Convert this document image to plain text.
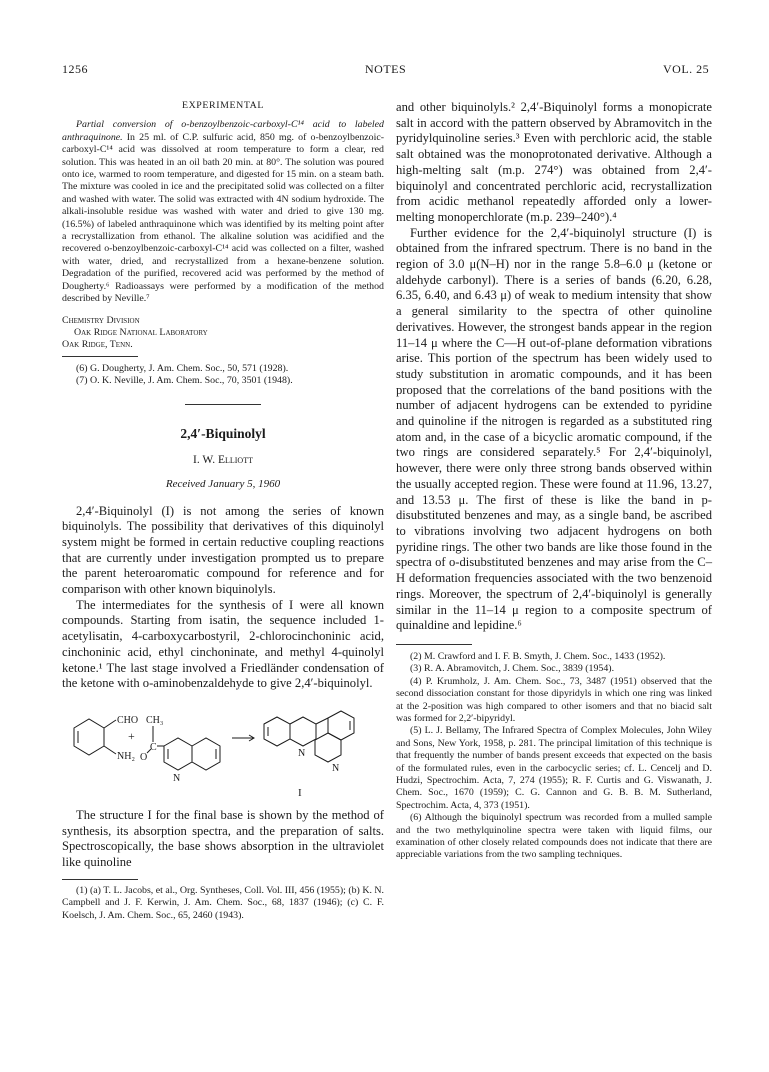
1256	NOTES	VOL. 25
EXPERIMENTAL

Partial conversion of o-benzoylbenzoic-carboxyl-C¹⁴ acid to labeled anthraquinone. In 25 ml. of C.P. sulfuric acid, 850 mg. of o-benzoylbenzoic-carboxyl-C¹⁴ acid was dissolved at room temperature to form a clear, red solution. This was heated in an oil bath 20 min. at 80°. The solution was poured onto ice, warmed to room temperature, and digested for 15 min. on a steam bath. The mixture was cooled in ice and the precipitated solid was collected on a filter and washed with water. The solid was extracted with 4N sodium hydroxide. The alkali-insoluble residue was washed with water and dried to give 130 mg. (16.5%) of labeled anthraquinone which was identified by its melting point after a recrystallization from ethanol. The alkaline solution was acidified and the recovered o-benzoylbenzoic-carboxyl-C¹⁴ acid was collected on a filter, washed with water, dried, and recrystallized from a hexane-benzene solution. Degradation of the purified, recovered acid was performed by the method of Dougherty.⁶ Radioassays were performed by a modification of the method described by Neville.⁷

Chemistry Division
Oak Ridge National Laboratory
Oak Ridge, Tenn.

(6) G. Dougherty, J. Am. Chem. Soc., 50, 571 (1928).

(7) O. K. Neville, J. Am. Chem. Soc., 70, 3501 (1948).

2,4′-Biquinolyl
I. W. Elliott
Received January 5, 1960

2,4′-Biquinolyl (I) is not among the series of known biquinolyls. The possibility that derivatives of this diquinolyl system might be formed in certain reductive coupling reactions that are currently under investigation prompted us to prepare the parent heteroaromatic compound for reference and for comparison with other known biquinolyls.

The intermediates for the synthesis of I were all known compounds. Starting from isatin, the sequence included 1-acetylisatin, 4-carboxycarbostyril, 2-chlorocinchoninic acid, cinchoninic acid, ethyl cinchoninate, and methyl 4-quinolyl ketone.¹ The last stage involved a Friedländer condensation of the ketone with o-aminobenzaldehyde to give 2,4′-biquinolyl.

CHO
NH₂
+
CH₃
O
C
N
N
N
I

The structure I for the final base is shown by the method of synthesis, its absorption spectra, and the preparation of salts. Spectroscopically, the base shows absorption in the ultraviolet like quinoline

(1) (a) T. L. Jacobs, et al., Org. Syntheses, Coll. Vol. III, 456 (1955); (b) K. N. Campbell and J. F. Kerwin, J. Am. Chem. Soc., 68, 1837 (1946); (c) C. F. Koelsch, J. Am. Chem. Soc., 65, 2460 (1943).

and other biquinolyls.² 2,4′-Biquinolyl forms a monopicrate salt in accord with the pattern observed by Abramovitch in the pyridylquinoline series.³ Even with perchloric acid, the stable salt obtained was the monoprotonated derivative. Although a high-melting salt (m.p. 274°) was obtained from 2,4′-biquinolyl and concentrated perchloric acid, recrystallization from acidic methanol repeatedly afforded only a lower-melting monoperchlorate (m.p. 239–240°).⁴

Further evidence for the 2,4′-biquinolyl structure (I) is obtained from the infrared spectrum. There is no band in the region of 3.0 μ(N–H) nor in the range 5.8–6.0 μ (ketone or aldehyde carbonyl). There is a series of bands (6.20, 6.28, 6.35, 6.40, and 6.43 μ) of weak to medium intensity that show a general similarity to the spectra of other quinoline derivatives. However, the strongest bands appear in the region 11–14 μ where the C—H out-of-plane deformation vibrations arise. This portion of the spectrum has been widely used to study substitution in aromatic compounds, and it has been proposed that the correlations of the band positions with the number of adjacent hydrogens can be extended to pyridine and quinoline if the nitrogen is regarded as a substituted ring atom and, in the case of a bicyclic aromatic compound, if the two rings are considered separately.⁵ For 2,4′-biquinolyl, however, there were only three strong bands observed within the usually accepted region. These were found at 11.96, 13.27, and 13.53 μ. The first of these is like the band in p-disubstituted benzenes and may, as a single band, be ascribed to vibrations involving two adjacent hydrogens on both pyridine rings. The other two bands are like those found in the spectra of o-disubstituted benzenes and may arise from the C–H deformation frequencies associated with the two benzenoid rings. Moreover, the spectrum of 2,4′-biquinolyl is generally similar in the 11–14 μ region to a composite spectrum of quinaldine and lepidine.⁶

(2) M. Crawford and I. F. B. Smyth, J. Chem. Soc., 1433 (1952).

(3) R. A. Abramovitch, J. Chem. Soc., 3839 (1954).

(4) P. Krumholz, J. Am. Chem. Soc., 73, 3487 (1951) observed that the second dissociation constant for those dipyridyls in which one ring was linked at the 2-position was high compared to other isomers and that no biacid salt was formed for 2,2′-bipyridyl.

(5) L. J. Bellamy, The Infrared Spectra of Complex Molecules, John Wiley and Sons, New York, 1958, p. 281. The principal limitation of this technique is that frequently the number of bands present exceeds that expected on the basis of the formulated rules, even in the carbocyclic series; cf. L. Cencelj and D. Hudzi, Spectrochim. Acta, 7, 274 (1955); R. F. Curtis and G. Viswanath, J. Chem. Soc., 1670 (1959); C. G. Cannon and G. B. B. M. Sutherland, Spectrochim. Acta, 4, 373 (1951).

(6) Although the biquinolyl spectrum was recorded from a mulled sample and the two methylquinoline spectra were taken with liquid films, our examination of other closely related compounds does not indicate that there are appreciable variations from the two sampling techniques.
